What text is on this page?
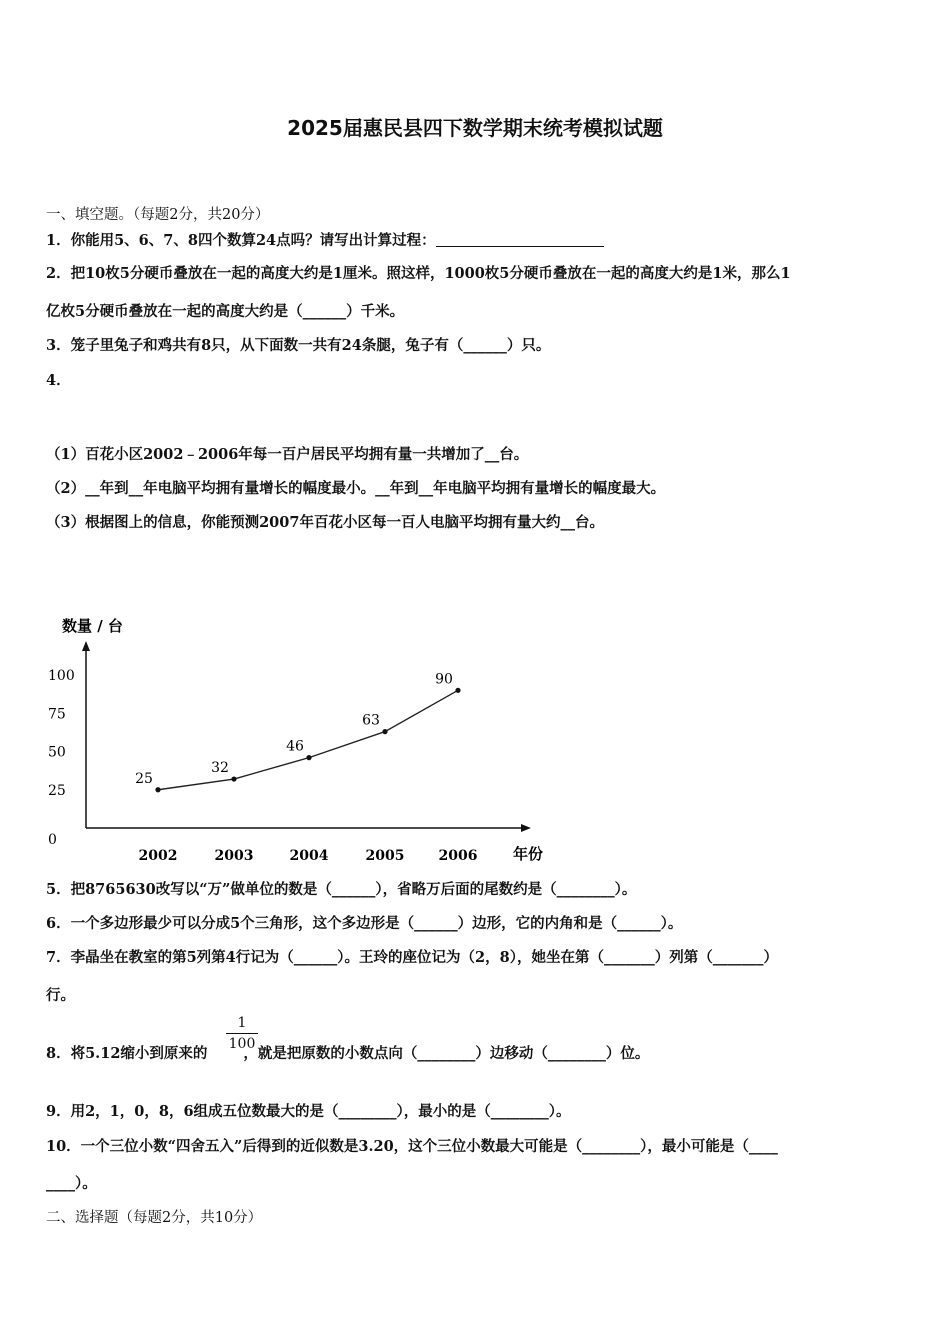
2025届惠民县四下数学期末统考模拟试题
一、填空题。（每题2分，共20分）
1．你能用5、6、7、8四个数算24点吗？请写出计算过程：
2．把10枚5分硬币叠放在一起的高度大约是1厘米。照这样，1000枚5分硬币叠放在一起的高度大约是1米，那么1
亿枚5分硬币叠放在一起的高度大约是（______）千米。
3．笼子里兔子和鸡共有8只，从下面数一共有24条腿，兔子有（______）只。
4．
（1）百花小区2002﹣2006年每一百户居民平均拥有量一共增加了__台。
（2）__年到__年电脑平均拥有量增长的幅度最小。__年到__年电脑平均拥有量增长的幅度最大。
（3）根据图上的信息，你能预测2007年百花小区每一百人电脑平均拥有量大约__台。
数量 / 台
年份
0
25
50
75
100
2002	2003	2004	2005 2006
25
32
46
63
90
5．把8765630改写以“万”做单位的数是（______），省略万后面的尾数约是（________）。
6．一个多边形最少可以分成5个三角形，这个多边形是（______）边形，它的内角和是（______）。
7．李晶坐在教室的第5列第4行记为（______）。王玲的座位记为（2，8），她坐在第（_______）列第（_______）
行。
8．将5.12缩小到原来的 ，就是把原数的小数点向（________）边移动（________）位。
$\frac{1}{100}$
9．用2，1，0，8，6组成五位数最大的是（________），最小的是（________）。
10．一个三位小数“四舍五入”后得到的近似数是3.20，这个三位小数最大可能是（________），最小可能是（____
____）。
二、选择题（每题2分，共10分）
